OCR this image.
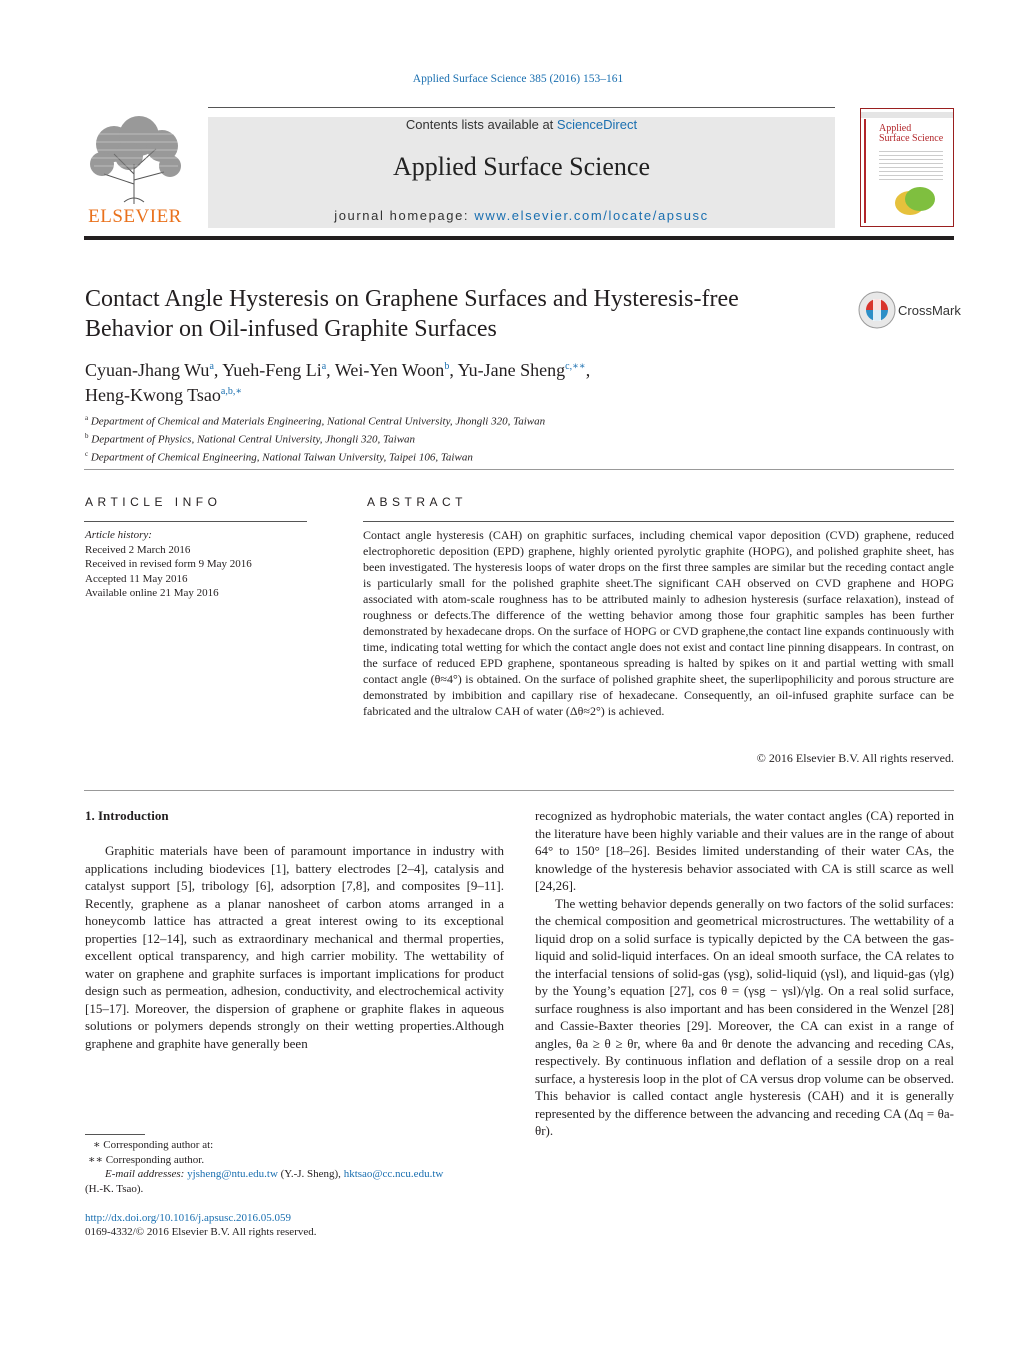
Applied Surface Science 385 (2016) 153–161
ELSEVIER
Contents lists available at ScienceDirect
Applied Surface Science
journal homepage: www.elsevier.com/locate/apsusc
Applied
Surface Science
Contact Angle Hysteresis on Graphene Surfaces and Hysteresis-free Behavior on Oil-infused Graphite Surfaces
CrossMark
Cyuan-Jhang Wu$^a$, Yueh-Feng Li$^a$, Wei-Yen Woon$^b$, Yu-Jane Sheng$^{c,∗∗}$,
Heng-Kwong Tsao$^{a,b,∗}$
$^a$ Department of Chemical and Materials Engineering, National Central University, Jhongli 320, Taiwan
$^b$ Department of Physics, National Central University, Jhongli 320, Taiwan
$^c$ Department of Chemical Engineering, National Taiwan University, Taipei 106, Taiwan
ARTICLE INFO
Article history:
Received 2 March 2016
Received in revised form 9 May 2016
Accepted 11 May 2016
Available online 21 May 2016
ABSTRACT
Contact angle hysteresis (CAH) on graphitic surfaces, including chemical vapor deposition (CVD) graphene, reduced electrophoretic deposition (EPD) graphene, highly oriented pyrolytic graphite (HOPG), and polished graphite sheet, has been investigated. The hysteresis loops of water drops on the first three samples are similar but the receding contact angle is particularly small for the polished graphite sheet.The significant CAH observed on CVD graphene and HOPG associated with atom-scale roughness has to be attributed mainly to adhesion hysteresis (surface relaxation), instead of roughness or defects.The difference of the wetting behavior among those four graphitic samples has been further demonstrated by hexadecane drops. On the surface of HOPG or CVD graphene,the contact line expands continuously with time, indicating total wetting for which the contact angle does not exist and contact line pinning disappears. In contrast, on the surface of reduced EPD graphene, spontaneous spreading is halted by spikes on it and partial wetting with small contact angle (θ≈4°) is obtained. On the surface of polished graphite sheet, the superlipophilicity and porous structure are demonstrated by imbibition and capillary rise of hexadecane. Consequently, an oil-infused graphite surface can be fabricated and the ultralow CAH of water (Δθ≈2°) is achieved.
© 2016 Elsevier B.V. All rights reserved.
1. Introduction

Graphitic materials have been of paramount importance in industry with applications including biodevices [1], battery electrodes [2–4], catalysis and catalyst support [5], tribology [6], adsorption [7,8], and composites [9–11]. Recently, graphene as a planar nanosheet of carbon atoms arranged in a honeycomb lattice has attracted a great interest owing to its exceptional properties [12–14], such as extraordinary mechanical and thermal properties, excellent optical transparency, and high carrier mobility. The wettability of water on graphene and graphite surfaces is important implications for product design such as permeation, adhesion, conductivity, and electrochemical activity [15–17]. Moreover, the dispersion of graphene or graphite flakes in aqueous solutions or polymers depends strongly on their wetting properties.Although graphene and graphite have generally been

recognized as hydrophobic materials, the water contact angles (CA) reported in the literature have been highly variable and their values are in the range of about 64° to 150° [18–26]. Besides limited understanding of their water CAs, the knowledge of the hysteresis behavior associated with CA is still scarce as well [24,26].

The wetting behavior depends generally on two factors of the solid surfaces: the chemical composition and geometrical microstructures. The wettability of a liquid drop on a solid surface is typically depicted by the CA between the gas-liquid and solid-liquid interfaces. On an ideal smooth surface, the CA relates to the interfacial tensions of solid-gas (γsg), solid-liquid (γsl), and liquid-gas (γlg) by the Young’s equation [27], cos θ = (γsg − γsl)/γlg. On a real solid surface, surface roughness is also important and has been considered in the Wenzel [28] and Cassie-Baxter theories [29]. Moreover, the CA can exist in a range of angles, θa ≥ θ ≥ θr, where θa and θr denote the advancing and receding CAs, respectively. By continuous inflation and deflation of a sessile drop on a real surface, a hysteresis loop in the plot of CA versus drop volume can be observed. This behavior is called contact angle hysteresis (CAH) and it is generally represented by the difference between the advancing and receding CA (Δq = θa-θr).

∗ Corresponding author at:
∗∗ Corresponding author.
E-mail addresses: yjsheng@ntu.edu.tw (Y.-J. Sheng), hktsao@cc.ncu.edu.tw
(H.-K. Tsao).
http://dx.doi.org/10.1016/j.apsusc.2016.05.059
0169-4332/© 2016 Elsevier B.V. All rights reserved.
